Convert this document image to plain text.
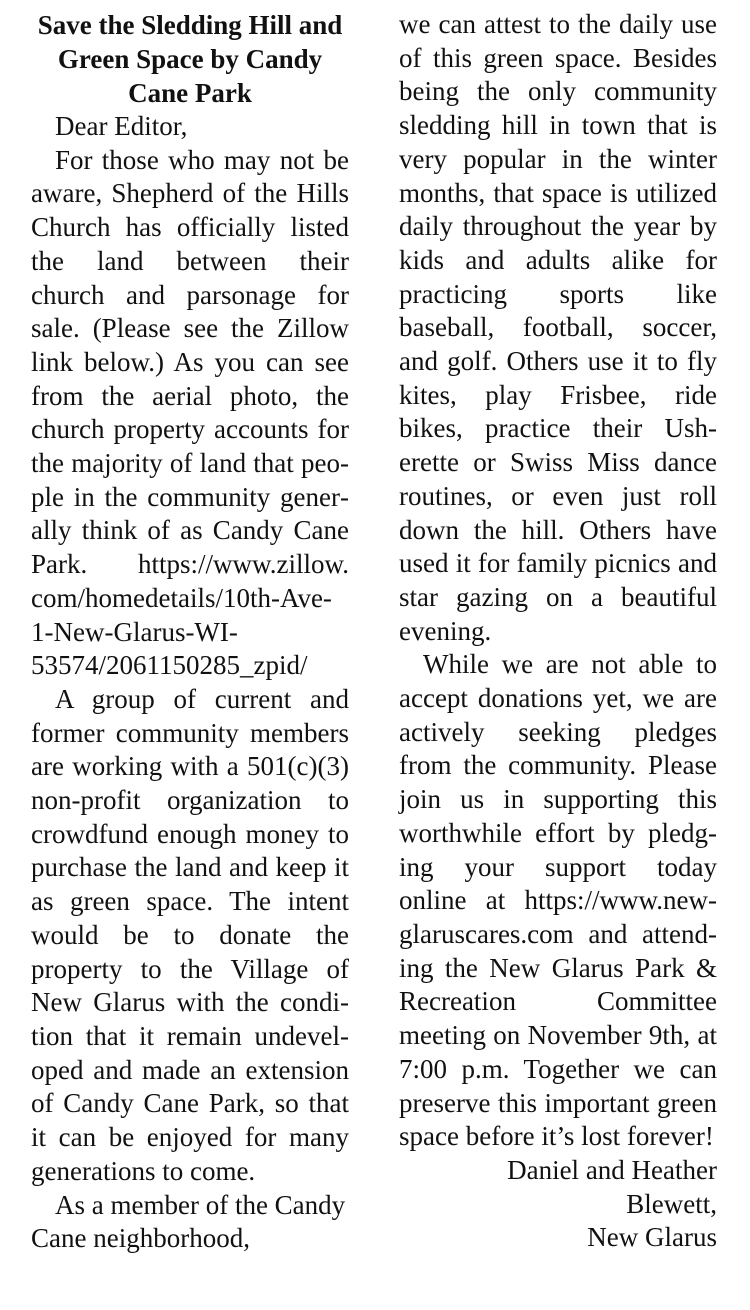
Save the Sledding Hill and Green Space by Candy Cane Park

Dear Editor,

For those who may not be aware, Shepherd of the Hills Church has officially listed the land between their church and parsonage for sale. (Please see the Zillow link below.) As you can see from the aerial photo, the church property accounts for the majority of land that people in the community generally think of as Candy Cane Park. https://www.zillow.​com/homedetails/10th-Ave-​1-New-Glarus-​WI-53574/2061150285_​zpid/

A group of current and former community members are working with a 501(c)(3) non-profit organization to crowdfund enough money to purchase the land and keep it as green space. The intent would be to donate the property to the Village of New Glarus with the condition that it remain undeveloped and made an extension of Candy Cane Park, so that it can be enjoyed for many generations to come.

As a member of the Candy Cane neighborhood,

we can attest to the daily use of this green space. Besides being the only community sledding hill in town that is very popular in the winter months, that space is utilized daily throughout the year by kids and adults alike for practicing sports like baseball, football, soccer, and golf. Others use it to fly kites, play Frisbee, ride bikes, practice their Usherette or Swiss Miss dance routines, or even just roll down the hill. Others have used it for family picnics and star gazing on a beautiful evening.

While we are not able to accept donations yet, we are actively seeking pledges from the community. Please join us in supporting this worthwhile effort by pledging your support today online at https://www.newglaruscares.com and attending the New Glarus Park & Recreation Committee meeting on November 9th, at 7:00 p.m. Together we can preserve this important green space before it’s lost forever!

Daniel and Heather
Blewett,
New Glarus
